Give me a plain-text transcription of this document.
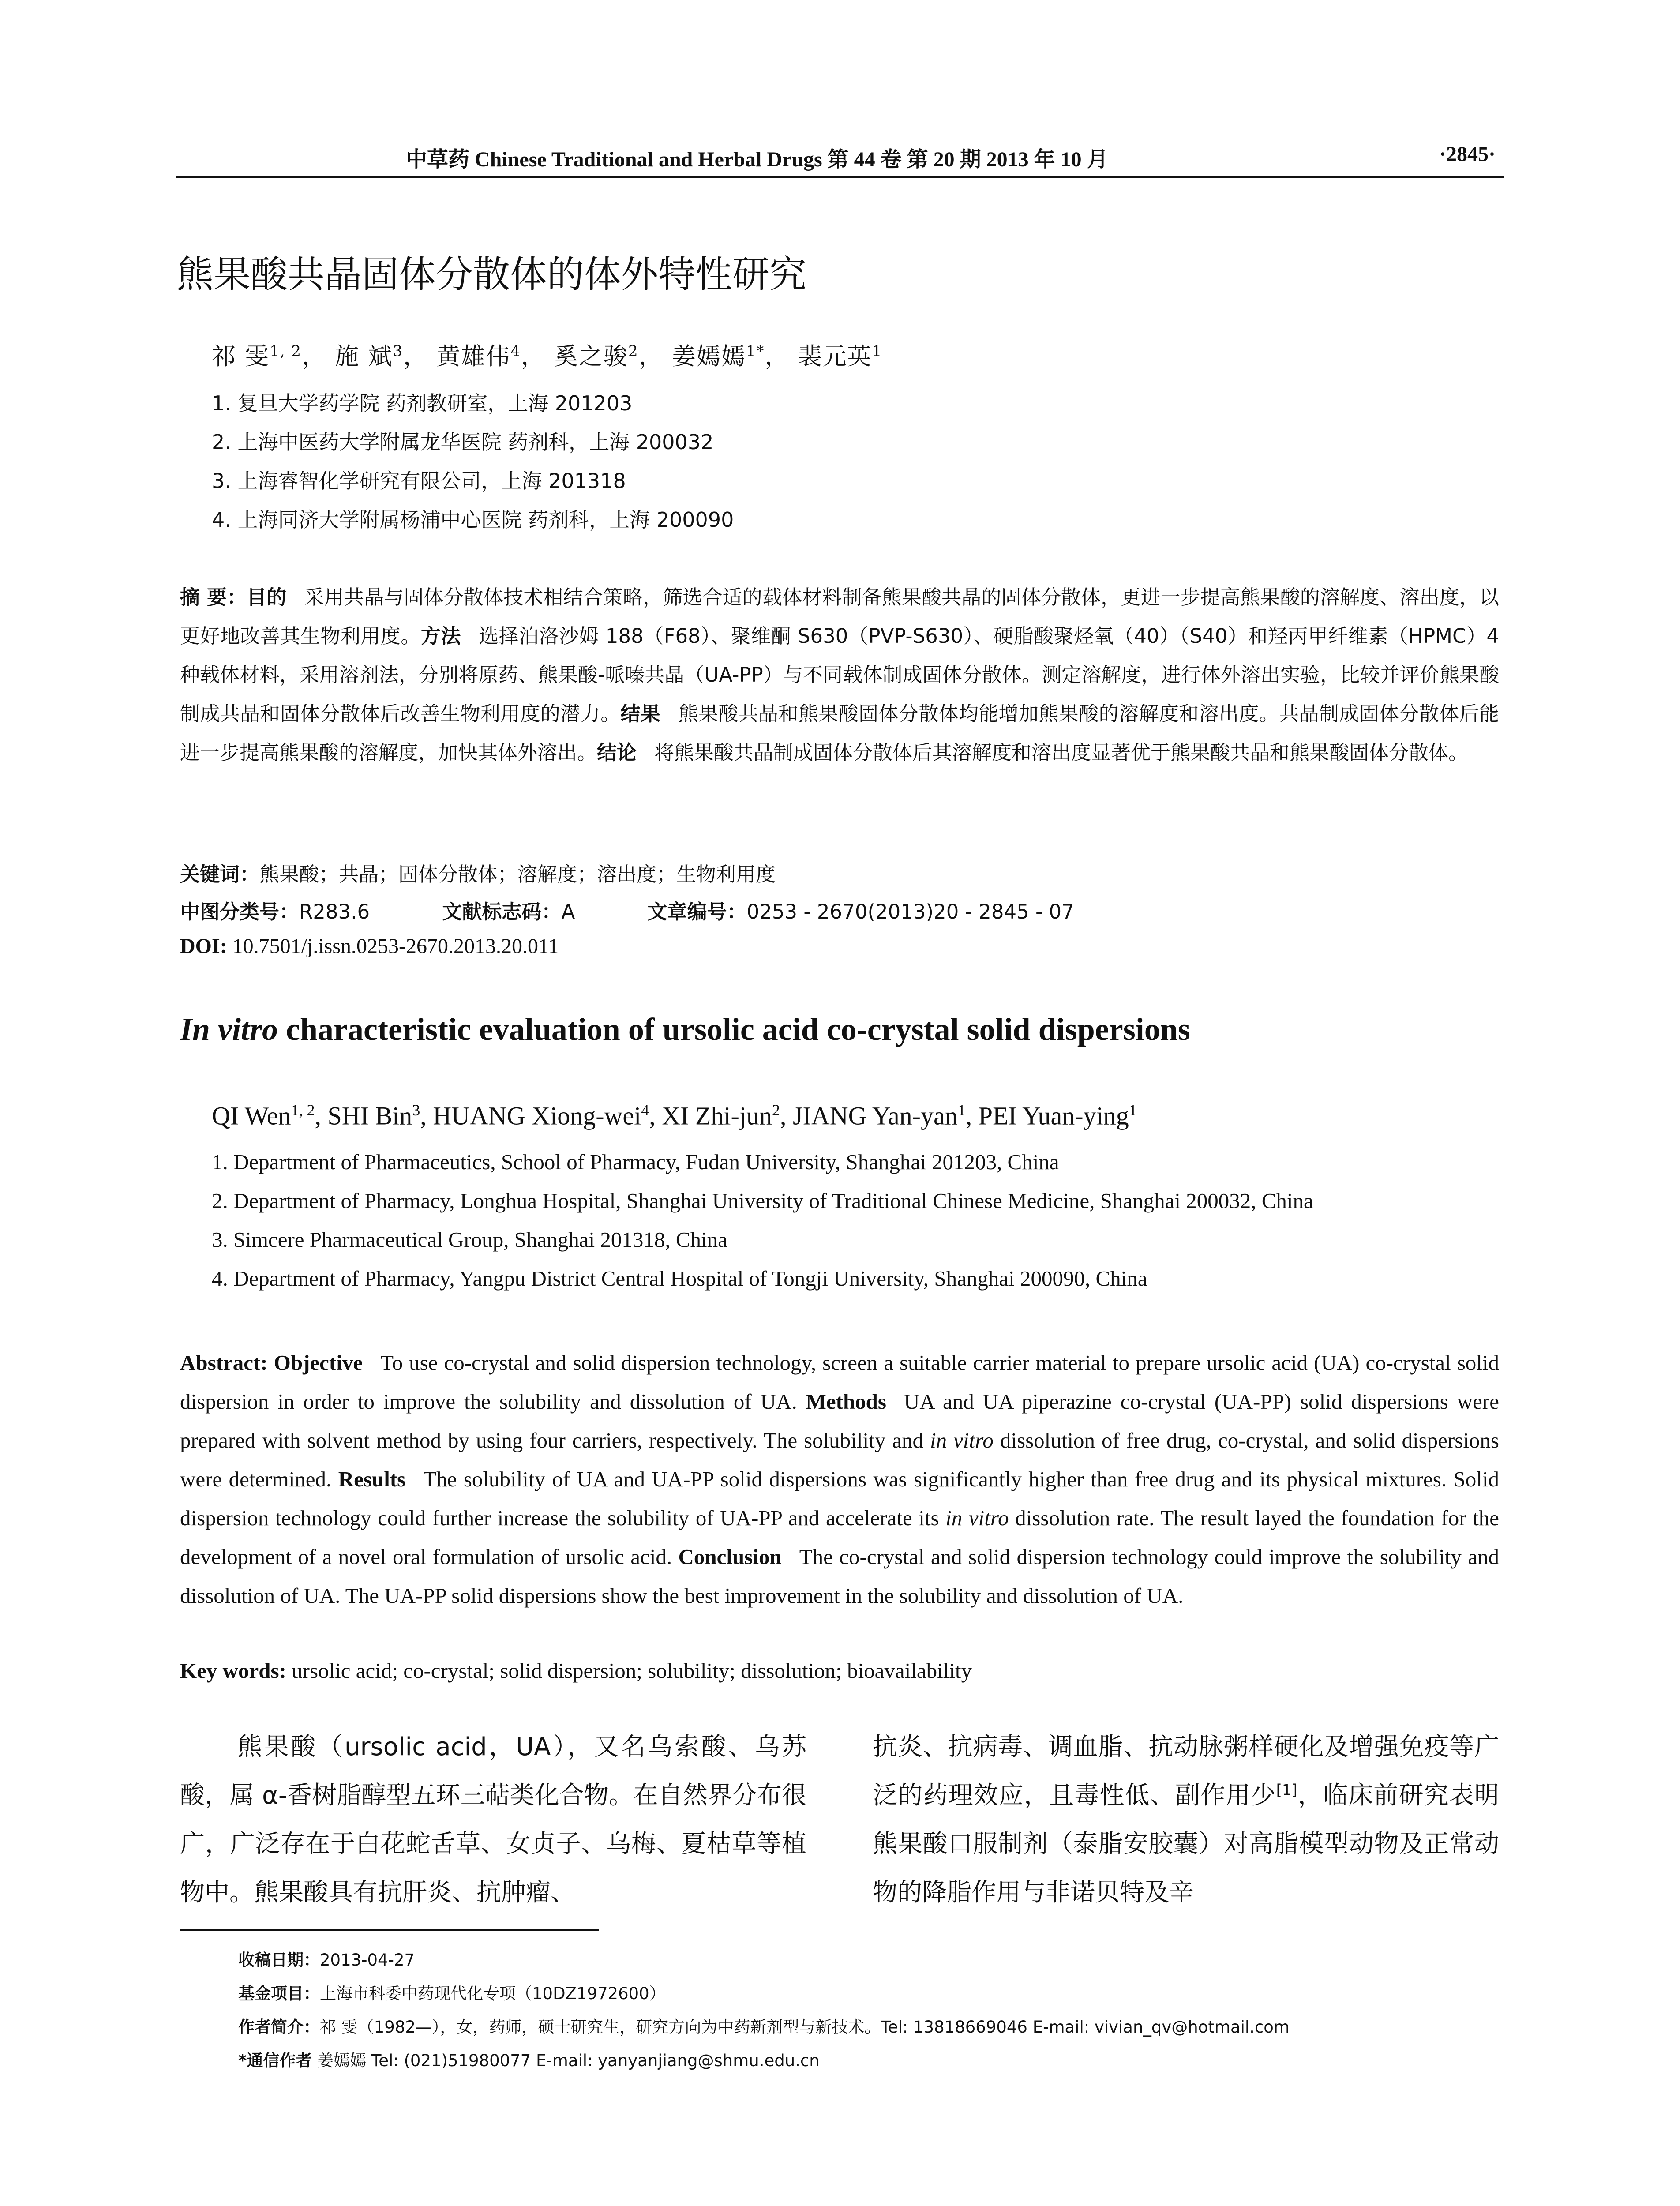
中草药 Chinese Traditional and Herbal Drugs 第 44 卷 第 20 期 2013 年 10 月	·2845·
熊果酸共晶固体分散体的体外特性研究
祁 雯$^{1, 2}$， 施 斌$^3$， 黄雄伟$^4$， 奚之骏$^2$， 姜嫣嫣$^{1*}$， 裴元英$^1$
1. 复旦大学药学院 药剂教研室，上海 201203
2. 上海中医药大学附属龙华医院 药剂科，上海 200032
3. 上海睿智化学研究有限公司，上海 201318
4. 上海同济大学附属杨浦中心医院 药剂科，上海 200090
摘 要：目的 采用共晶与固体分散体技术相结合策略，筛选合适的载体材料制备熊果酸共晶的固体分散体，更进一步提高熊果酸的溶解度、溶出度，以更好地改善其生物利用度。方法 选择泊洛沙姆 188（F68）、聚维酮 S630（PVP-S630）、硬脂酸聚烃氧（40）（S40）和羟丙甲纤维素（HPMC）4 种载体材料，采用溶剂法，分别将原药、熊果酸-哌嗪共晶（UA-PP）与不同载体制成固体分散体。测定溶解度，进行体外溶出实验，比较并评价熊果酸制成共晶和固体分散体后改善生物利用度的潜力。结果 熊果酸共晶和熊果酸固体分散体均能增加熊果酸的溶解度和溶出度。共晶制成固体分散体后能进一步提高熊果酸的溶解度，加快其体外溶出。结论 将熊果酸共晶制成固体分散体后其溶解度和溶出度显著优于熊果酸共晶和熊果酸固体分散体。
关键词：熊果酸；共晶；固体分散体；溶解度；溶出度；生物利用度
中图分类号：R283.6	文献标志码：A	文章编号：0253 - 2670(2013)20 - 2845 - 07
DOI: 10.7501/j.issn.0253-2670.2013.20.011
In vitro characteristic evaluation of ursolic acid co-crystal solid dispersions
QI Wen$^{1, 2}$, SHI Bin$^3$, HUANG Xiong-wei$^4$, XI Zhi-jun$^2$, JIANG Yan-yan$^1$, PEI Yuan-ying$^1$
1. Department of Pharmaceutics, School of Pharmacy, Fudan University, Shanghai 201203, China
2. Department of Pharmacy, Longhua Hospital, Shanghai University of Traditional Chinese Medicine, Shanghai 200032, China
3. Simcere Pharmaceutical Group, Shanghai 201318, China
4. Department of Pharmacy, Yangpu District Central Hospital of Tongji University, Shanghai 200090, China
Abstract: Objective To use co-crystal and solid dispersion technology, screen a suitable carrier material to prepare ursolic acid (UA) co-crystal solid dispersion in order to improve the solubility and dissolution of UA. Methods UA and UA piperazine co-crystal (UA-PP) solid dispersions were prepared with solvent method by using four carriers, respectively. The solubility and in vitro dissolution of free drug, co-crystal, and solid dispersions were determined. Results The solubility of UA and UA-PP solid dispersions was significantly higher than free drug and its physical mixtures. Solid dispersion technology could further increase the solubility of UA-PP and accelerate its in vitro dissolution rate. The result layed the foundation for the development of a novel oral formulation of ursolic acid. Conclusion The co-crystal and solid dispersion technology could improve the solubility and dissolution of UA. The UA-PP solid dispersions show the best improvement in the solubility and dissolution of UA.
Key words: ursolic acid; co-crystal; solid dispersion; solubility; dissolution; bioavailability

熊果酸（ursolic acid，UA），又名乌索酸、乌苏酸，属 α-香树脂醇型五环三萜类化合物。在自然界分布很广，广泛存在于白花蛇舌草、女贞子、乌梅、夏枯草等植物中。熊果酸具有抗肝炎、抗肿瘤、

抗炎、抗病毒、调血脂、抗动脉粥样硬化及增强免疫等广泛的药理效应，且毒性低、副作用少[1]，临床前研究表明熊果酸口服制剂（泰脂安胶囊）对高脂模型动物及正常动物的降脂作用与非诺贝特及辛

收稿日期：2013-04-27
基金项目：上海市科委中药现代化专项（10DZ1972600）
作者简介：祁 雯（1982—），女，药师，硕士研究生，研究方向为中药新剂型与新技术。Tel: 13818669046 E-mail: vivian_qv@hotmail.com
*通信作者 姜嫣嫣 Tel: (021)51980077 E-mail: yanyanjiang@shmu.edu.cn
